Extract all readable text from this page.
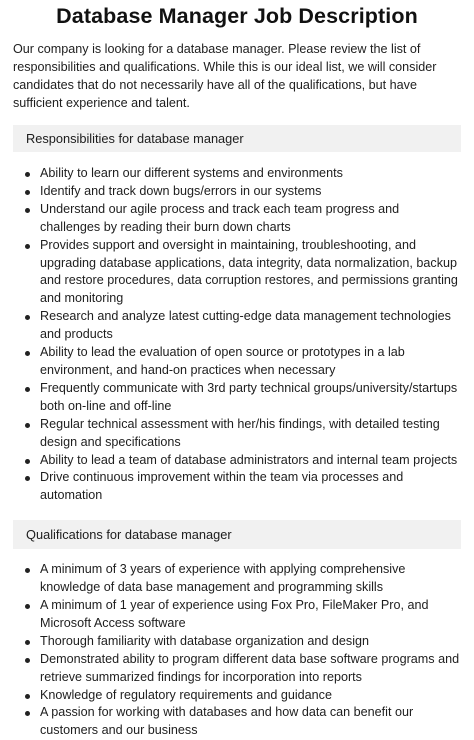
Database Manager Job Description

Our company is looking for a database manager. Please review the list of responsibilities and qualifications. While this is our ideal list, we will consider candidates that do not necessarily have all of the qualifications, but have sufficient experience and talent.

Responsibilities for database manager
Ability to learn our different systems and environments
Identify and track down bugs/errors in our systems
Understand our agile process and track each team progress and challenges by reading their burn down charts
Provides support and oversight in maintaining, troubleshooting, and upgrading database applications, data integrity, data normalization, backup and restore procedures, data corruption restores, and permissions granting and monitoring
Research and analyze latest cutting-edge data management technologies and products
Ability to lead the evaluation of open source or prototypes in a lab environment, and hand-on practices when necessary
Frequently communicate with 3rd party technical groups/university/startups both on-line and off-line
Regular technical assessment with her/his findings, with detailed testing design and specifications
Ability to lead a team of database administrators and internal team projects
Drive continuous improvement within the team via processes and automation
Qualifications for database manager
A minimum of 3 years of experience with applying comprehensive knowledge of data base management and programming skills
A minimum of 1 year of experience using Fox Pro, FileMaker Pro, and Microsoft Access software
Thorough familiarity with database organization and design
Demonstrated ability to program different data base software programs and retrieve summarized findings for incorporation into reports
Knowledge of regulatory requirements and guidance
A passion for working with databases and how data can benefit our customers and our business
